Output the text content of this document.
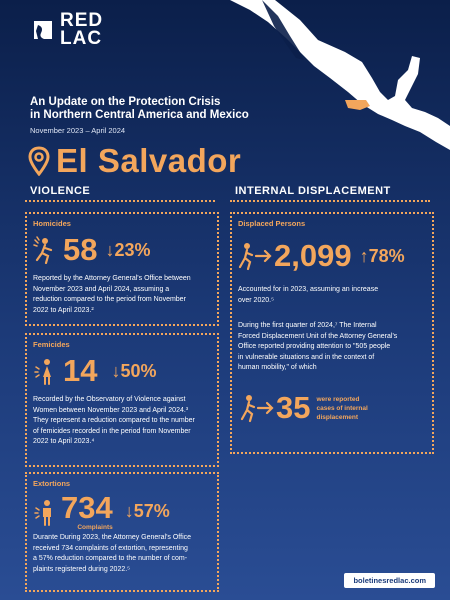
RED
LAC
An Update on the Protection Crisis
in Northern Central America and Mexico
November 2023 – April 2024
El Salvador
VIOLENCE	INTERNAL DISPLACEMENT
Homicides
58 ↓23%
Reported by the Attorney General's Office between
November 2023 and April 2024, assuming a
reduction compared to the period from November
2022 to April 2023.²
Femicides
14 ↓50%
Recorded by the Observatory of Violence against
Women between November 2023 and April 2024.³
They represent a reduction compared to the number
of femicides recorded in the period from November
2022 to April 2023.⁴
Extortions
734
Complaints
↓57%
Durante During 2023, the Attorney General's Office
received 734 complaints of extortion, representing
a 57% reduction compared to the number of com-
plaints registered during 2022.⁵
Displaced Persons
2,099 ↑78%
Accounted for in 2023, assuming an increase
over 2020.⁵
During the first quarter of 2024,⁷ The Internal
Forced Displacement Unit of the Attorney General's
Office reported providing attention to "505 people
in vulnerable situations and in the context of
human mobility," of which
35 were reported
cases of internal
displacement
boletinesredlac.com
